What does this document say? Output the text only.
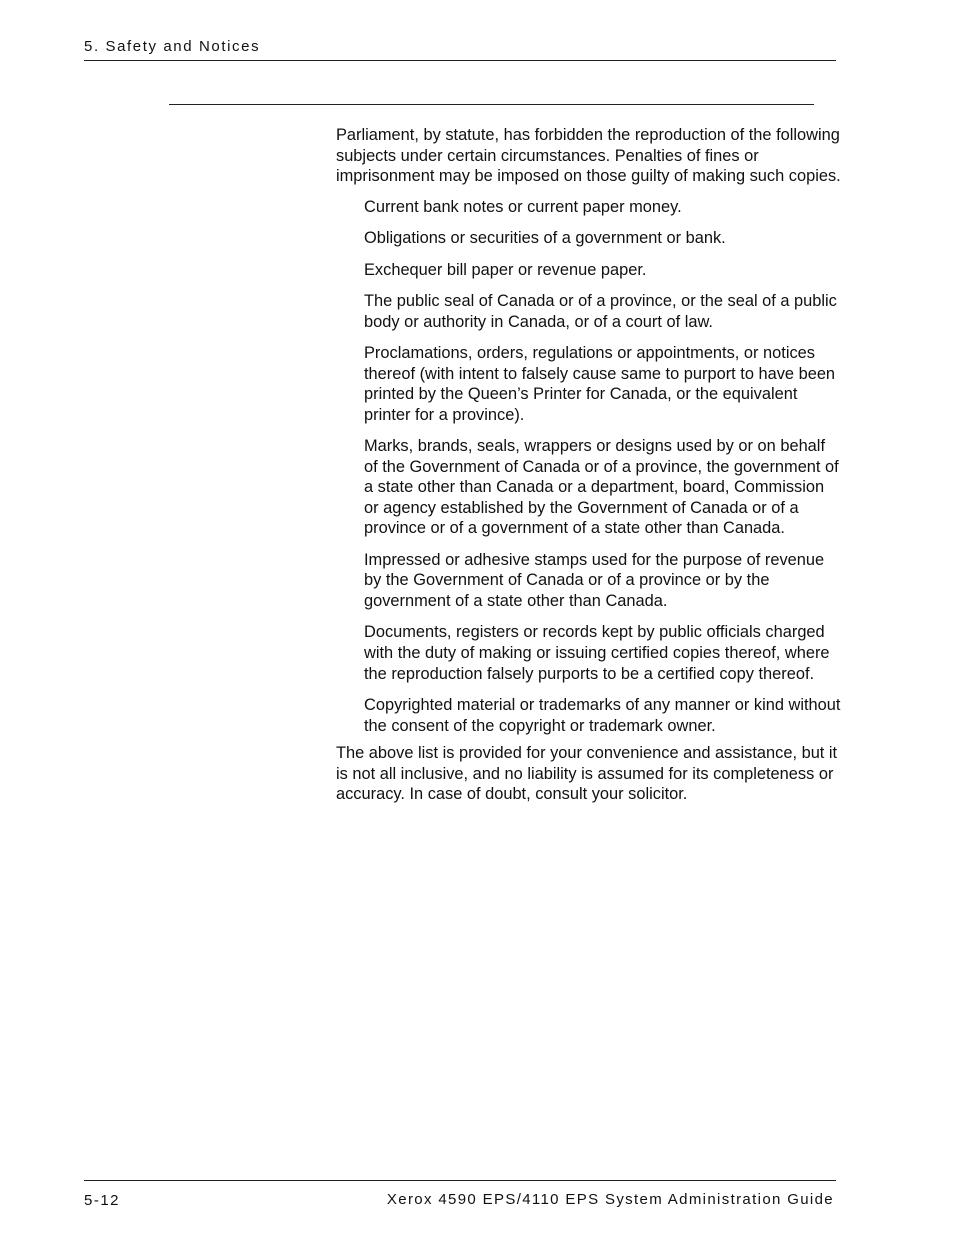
5. Safety and Notices

Parliament, by statute, has forbidden the reproduction of the following subjects under certain circumstances. Penalties of fines or imprisonment may be imposed on those guilty of making such copies.

Current bank notes or current paper money.
Obligations or securities of a government or bank.
Exchequer bill paper or revenue paper.
The public seal of Canada or of a province, or the seal of a public body or authority in Canada, or of a court of law.
Proclamations, orders, regulations or appointments, or notices thereof (with intent to falsely cause same to purport to have been printed by the Queen’s Printer for Canada, or the equivalent printer for a province).
Marks, brands, seals, wrappers or designs used by or on behalf of the Government of Canada or of a province, the government of a state other than Canada or a department, board, Commission or agency established by the Government of Canada or of a province or of a government of a state other than Canada.
Impressed or adhesive stamps used for the purpose of revenue by the Government of Canada or of a province or by the government of a state other than Canada.
Documents, registers or records kept by public officials charged with the duty of making or issuing certified copies thereof, where the reproduction falsely purports to be a certified copy thereof.
Copyrighted material or trademarks of any manner or kind without the consent of the copyright or trademark owner.

The above list is provided for your convenience and assistance, but it is not all inclusive, and no liability is assumed for its completeness or accuracy. In case of doubt, consult your solicitor.

5-12	Xerox 4590 EPS/4110 EPS System Administration Guide
